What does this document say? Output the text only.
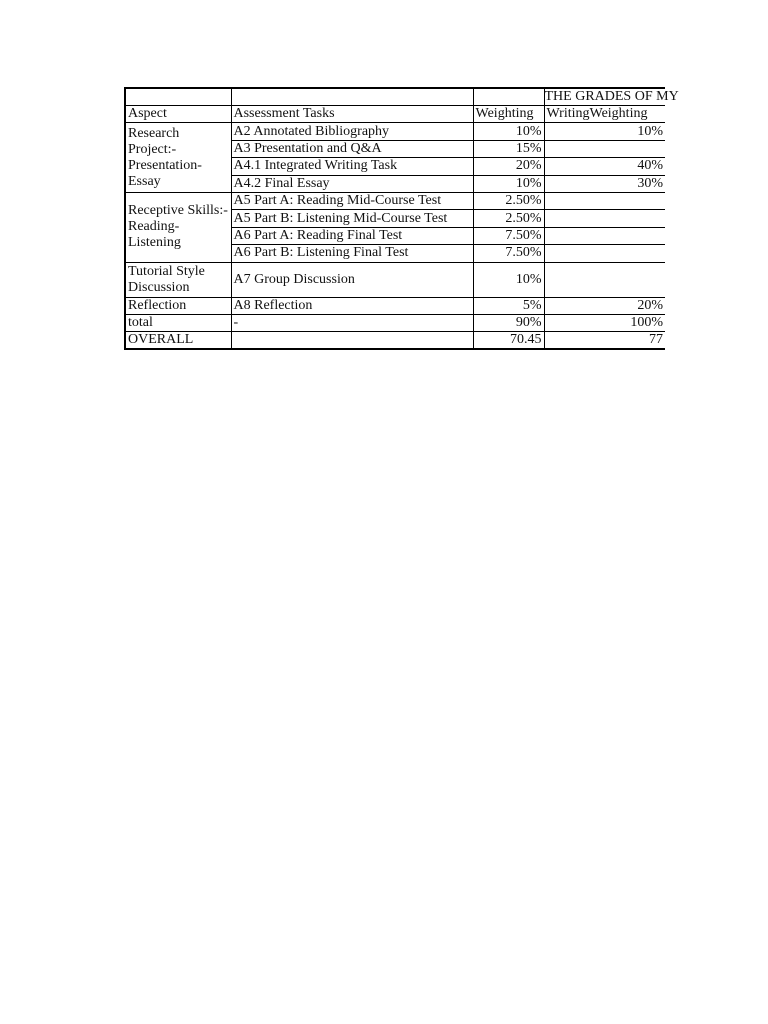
			THE GRADES OF MY
Aspect	Assessment Tasks	Weighting	WritingWeighting
Research Project:- Presentation- Essay	A2 Annotated Bibliography	10%	10%
	A3 Presentation and Q&A	15%	
	A4.1 Integrated Writing Task	20%	40%
	A4.2 Final Essay	10%	30%
Receptive Skills:- Reading- Listening	A5 Part A: Reading Mid-Course Test	2.50%	
	A5 Part B: Listening Mid-Course Test	2.50%	
	A6 Part A: Reading Final Test	7.50%	
	A6 Part B: Listening Final Test	7.50%	
Tutorial Style Discussion	A7 Group Discussion	10%	
Reflection	A8 Reflection	5%	20%
total	-	90%	100%
OVERALL		70.45	77
